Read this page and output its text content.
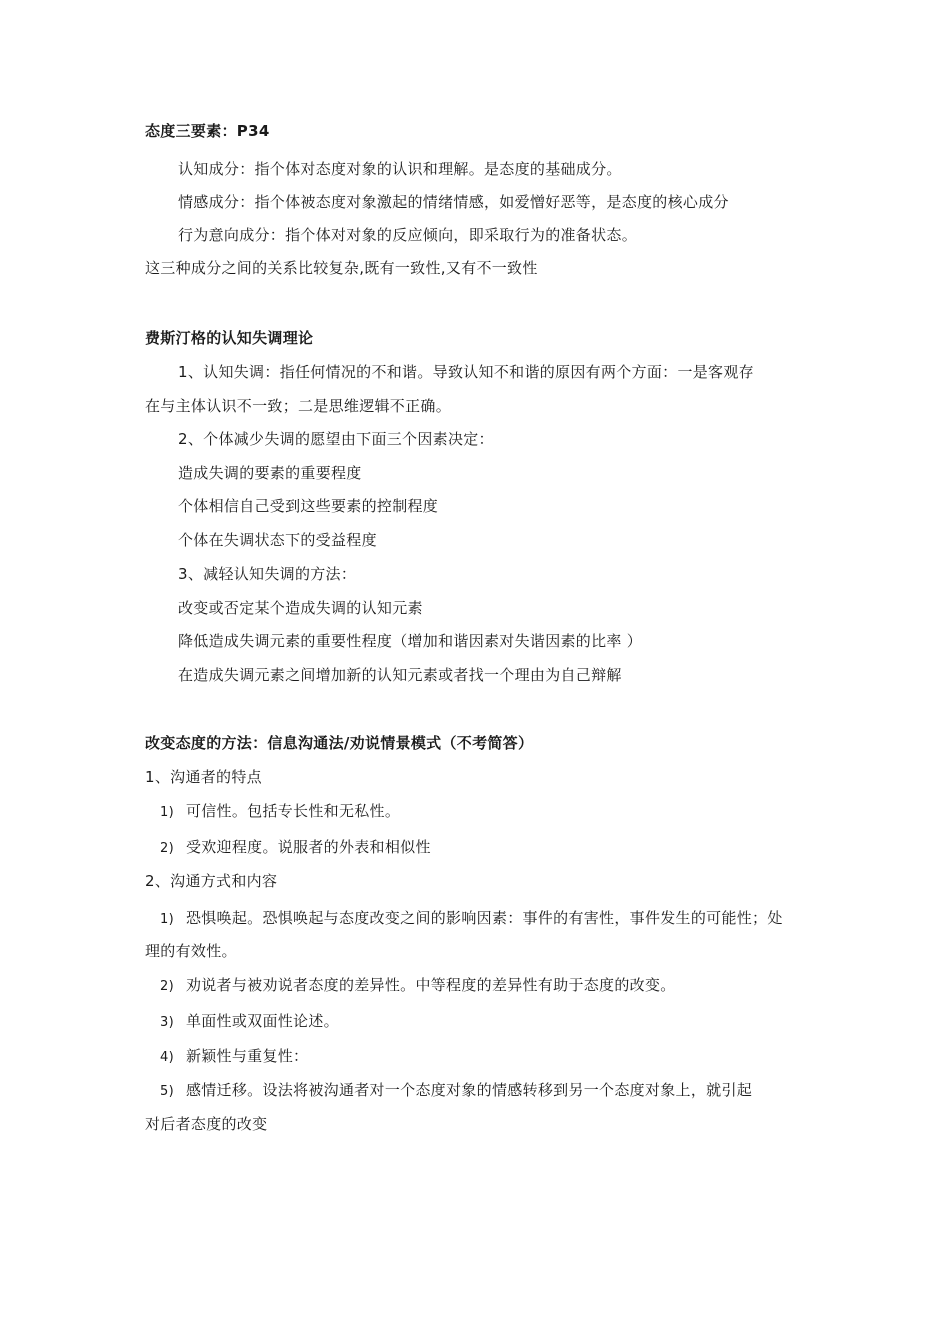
态度三要素：P34
认知成分：指个体对态度对象的认识和理解。是态度的基础成分。
情感成分：指个体被态度对象激起的情绪情感，如爱憎好恶等，是态度的核心成分
行为意向成分：指个体对对象的反应倾向，即采取行为的准备状态。
这三种成分之间的关系比较复杂,既有一致性,又有不一致性
费斯汀格的认知失调理论
1、认知失调：指任何情况的不和谐。导致认知不和谐的原因有两个方面：一是客观存
在与主体认识不一致；二是思维逻辑不正确。
2、个体减少失调的愿望由下面三个因素决定：
造成失调的要素的重要程度
个体相信自己受到这些要素的控制程度
个体在失调状态下的受益程度
3、减轻认知失调的方法：
改变或否定某个造成失调的认知元素
降低造成失调元素的重要性程度（增加和谐因素对失谐因素的比率 ）
在造成失调元素之间增加新的认知元素或者找一个理由为自己辩解
改变态度的方法：信息沟通法/劝说情景模式（不考简答）
1、沟通者的特点
1) 可信性。包括专长性和无私性。
2) 受欢迎程度。说服者的外表和相似性
2、沟通方式和内容
1) 恐惧唤起。恐惧唤起与态度改变之间的影响因素：事件的有害性，事件发生的可能性；处
理的有效性。
2) 劝说者与被劝说者态度的差异性。中等程度的差异性有助于态度的改变。
3) 单面性或双面性论述。
4) 新颖性与重复性：
5) 感情迁移。设法将被沟通者对一个态度对象的情感转移到另一个态度对象上，就引起
对后者态度的改变
